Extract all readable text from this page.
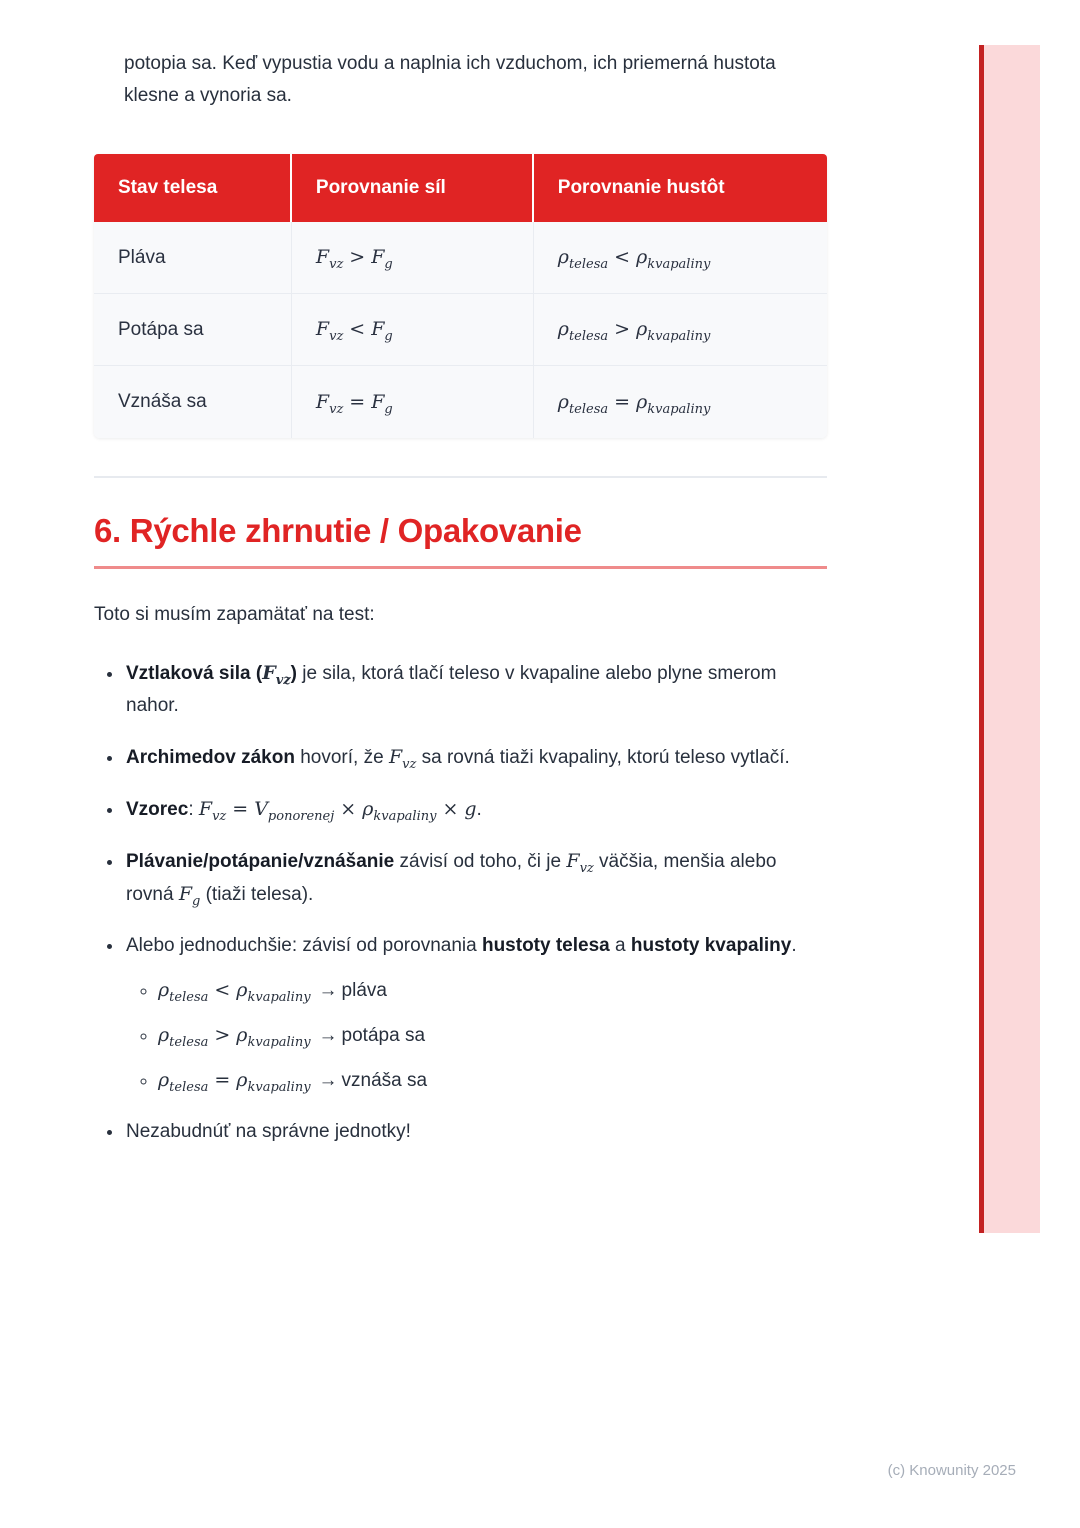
potopia sa. Keď vypustia vodu a naplnia ich vzduchom, ich priemerná hustota klesne a vynoria sa.

Stav telesa	Porovnanie síl	Porovnanie hustôt
Pláva	$F_{vz} > F_g$	$\rho_{telesa} < \rho_{kvapaliny}$
Potápa sa	$F_{vz} < F_g$	$\rho_{telesa} > \rho_{kvapaliny}$
Vznáša sa	$F_{vz} = F_g$	$\rho_{telesa} = \rho_{kvapaliny}$
6. Rýchle zhrnutie / Opakovanie

Toto si musím zapamätať na test:

• Vztlaková sila $(F_{vz})$ je sila, ktorá tlačí teleso v kvapaline alebo plyne smerom nahor.
• Archimedov zákon hovorí, že $F_{vz}$ sa rovná tiaži kvapaliny, ktorú teleso vytlačí.
• Vzorec: $F_{vz} = V_{ponorenej} \times \rho_{kvapaliny} \times g$.
• Plávanie/potápanie/vznášanie závisí od toho, či je $F_{vz}$ väčšia, menšia alebo rovná $F_g$ (tiaži telesa).
• Alebo jednoduchšie: závisí od porovnania hustoty telesa a hustoty kvapaliny.
◦ $\rho_{telesa} < \rho_{kvapaliny}$ → pláva
◦ $\rho_{telesa} > \rho_{kvapaliny}$ → potápa sa
◦ $\rho_{telesa} = \rho_{kvapaliny}$ → vznáša sa
• Nezabudnúť na správne jednotky!
(c) Knowunity 2025
